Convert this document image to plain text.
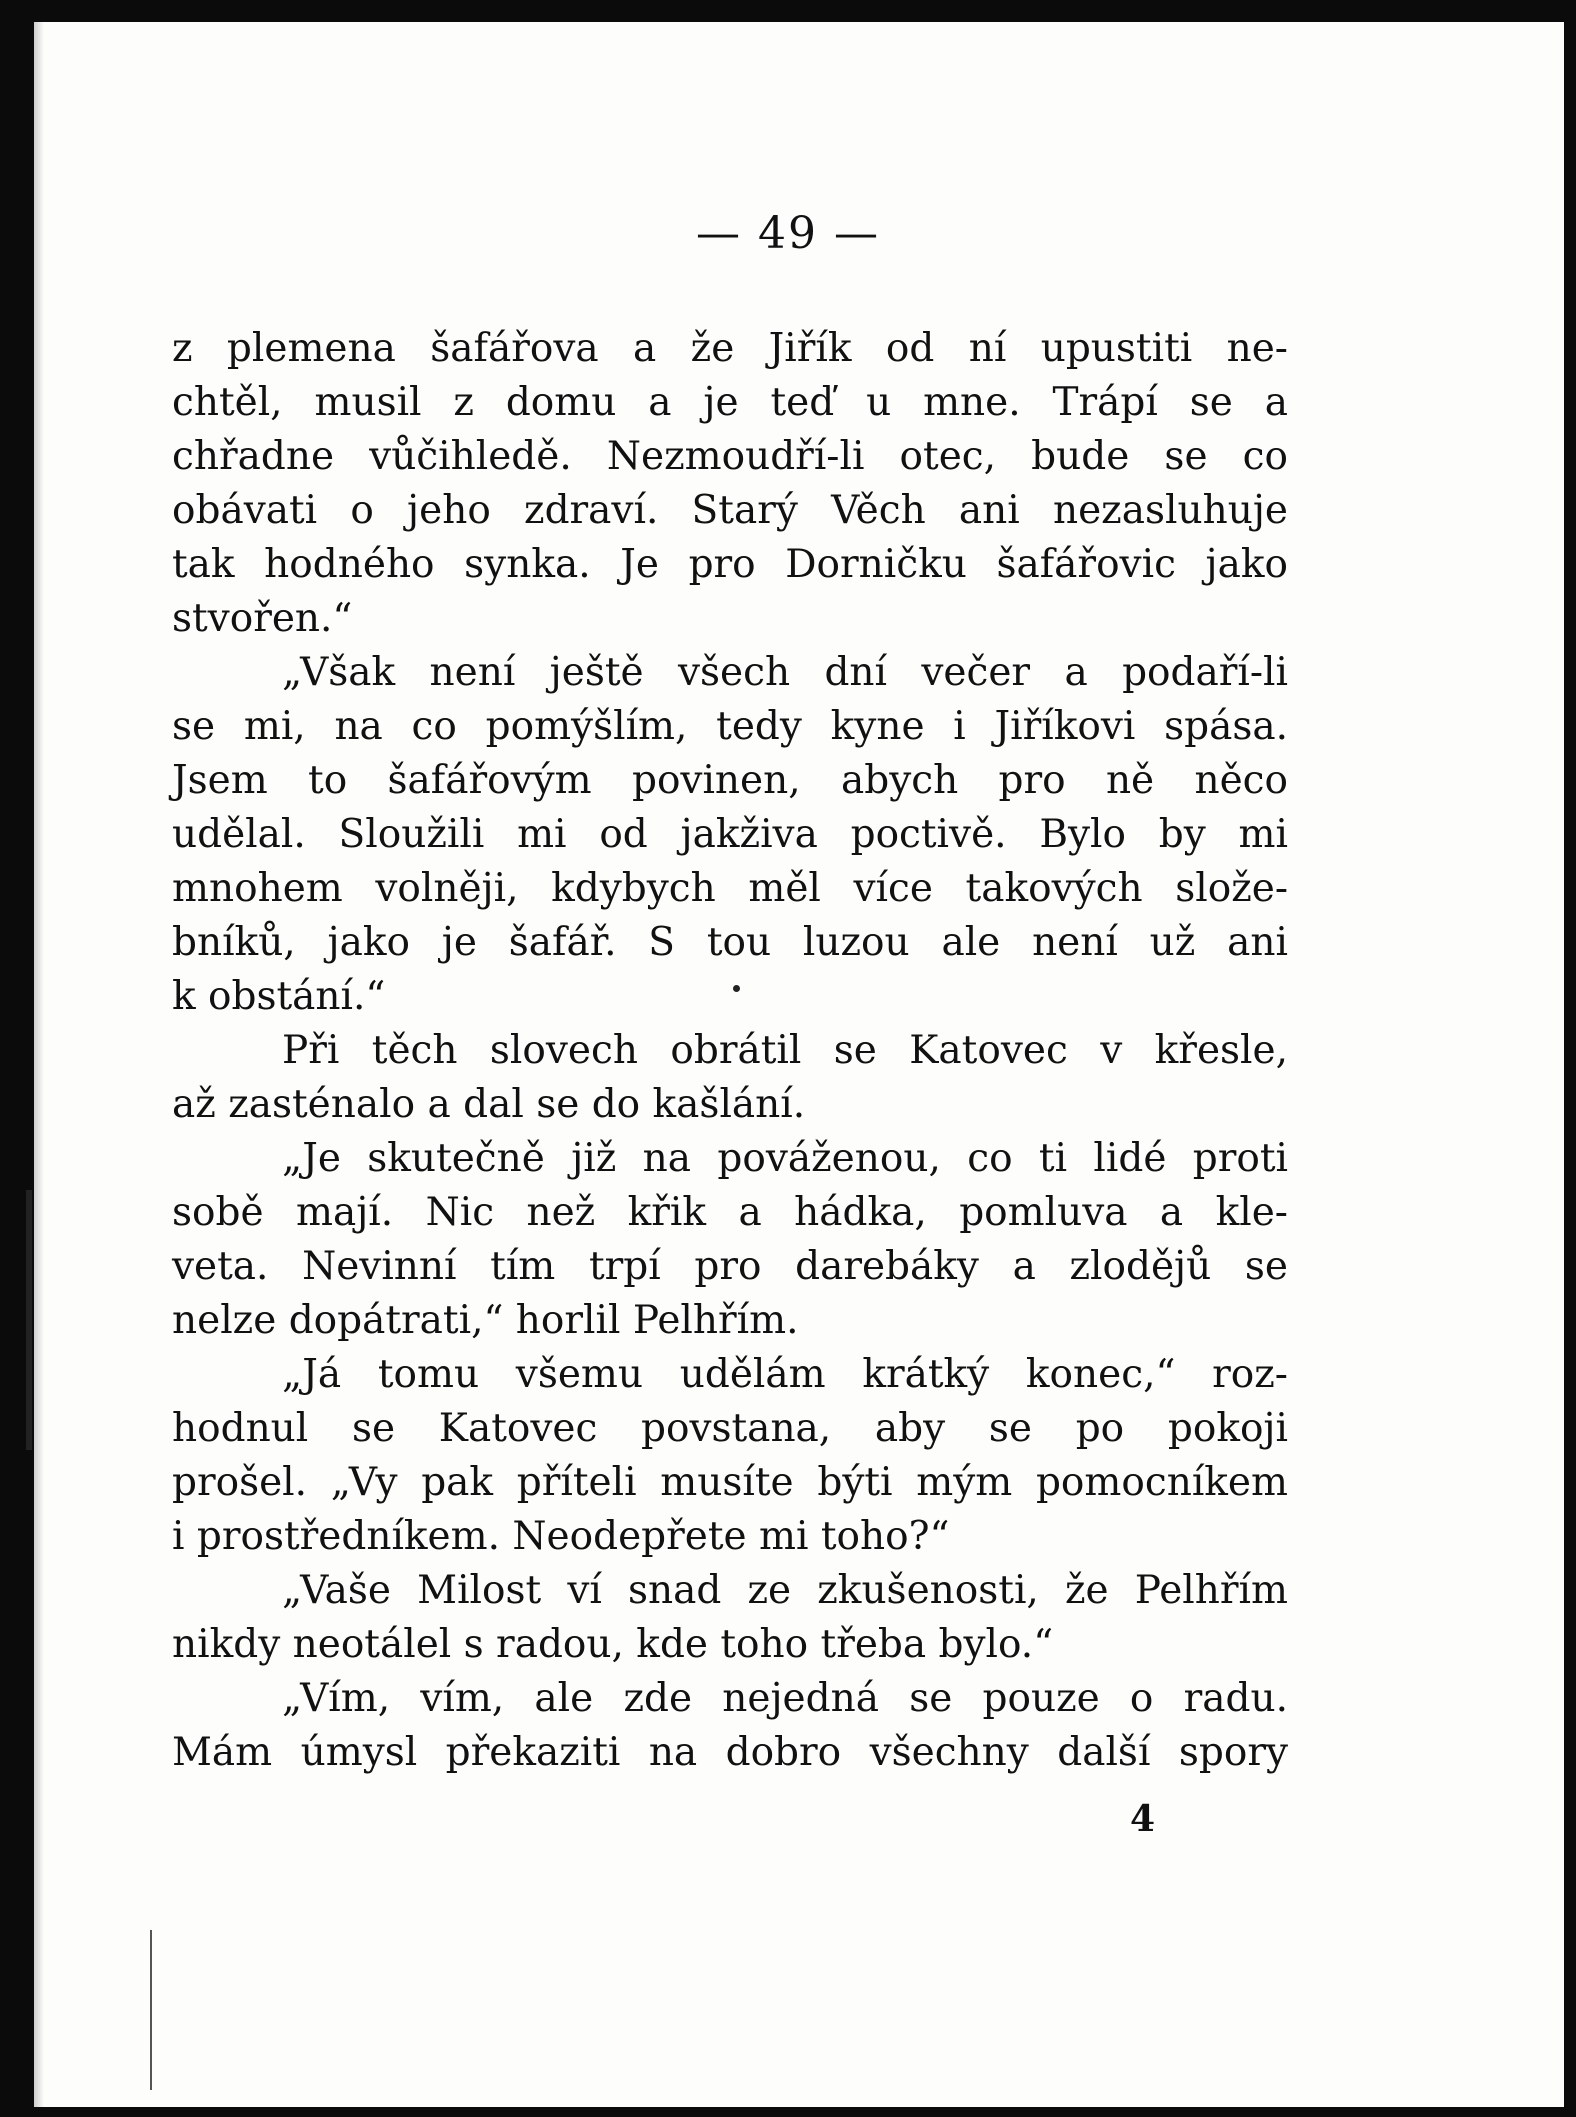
— 49 —
z plemena šafářova a že Jiřík od ní upustiti ne-
chtěl, musil z domu a je teď u mne. Trápí se a
chřadne vůčihledě. Nezmoudří-li otec, bude se co
obávati o jeho zdraví. Starý Věch ani nezasluhuje
tak hodného synka. Je pro Dorničku šafářovic jako
stvořen.“
„Však není ještě všech dní večer a podaří-li
se mi, na co pomýšlím, tedy kyne i Jiříkovi spása.
Jsem to šafářovým povinen, abych pro ně něco
udělal. Sloužili mi od jakživa poctivě. Bylo by mi
mnohem volněji, kdybych měl více takových slože-
bníků, jako je šafář. S tou luzou ale není už ani
k obstání.“
Při těch slovech obrátil se Katovec v křesle,
až zasténalo a dal se do kašlání.
„Je skutečně již na pováženou, co ti lidé proti
sobě mají. Nic než křik a hádka, pomluva a kle-
veta. Nevinní tím trpí pro darebáky a zlodějů se
nelze dopátrati,“ horlil Pelhřím.
„Já tomu všemu udělám krátký konec,“ roz-
hodnul se Katovec povstana, aby se po pokoji
prošel. „Vy pak příteli musíte býti mým pomocníkem
i prostředníkem. Neodepřete mi toho?“
„Vaše Milost ví snad ze zkušenosti, že Pelhřím
nikdy neotálel s radou, kde toho třeba bylo.“
„Vím, vím, ale zde nejedná se pouze o radu.
Mám úmysl překaziti na dobro všechny další spory
4
